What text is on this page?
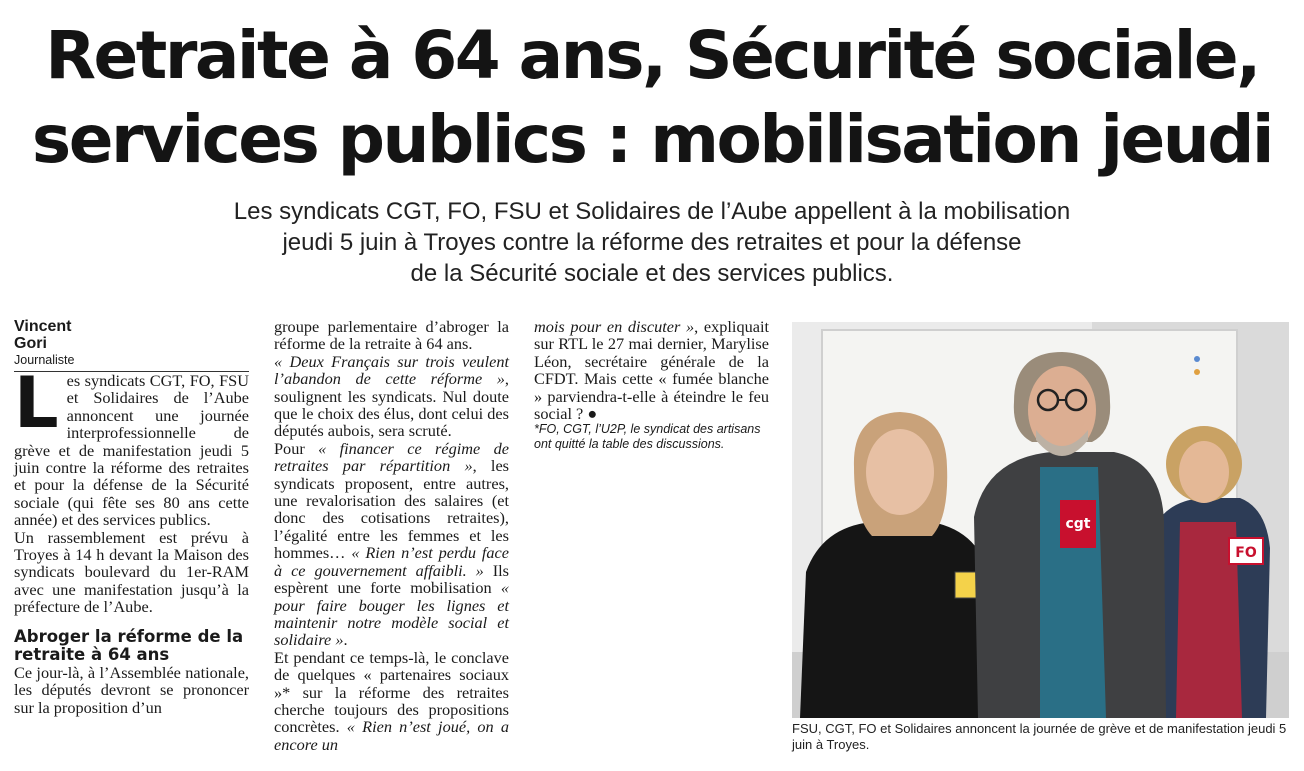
Retraite à 64 ans, Sécurité sociale,
services publics : mobilisation jeudi
Les syndicats CGT, FO, FSU et Solidaires de l’Aube appellent à la mobilisation
jeudi 5 juin à Troyes contre la réforme des retraites et pour la défense
de la Sécurité sociale et des services publics.
Vincent
Gori
Journaliste

Les syndicats CGT, FO, FSU et Solidaires de l’Aube annoncent une journée interprofessionnelle de grève et de manifestation jeudi 5 juin contre la réforme des retraites et pour la défense de la Sécurité sociale (qui fête ses 80 ans cette année) et des services publics.

Un rassemblement est prévu à Troyes à 14 h devant la Maison des syndicats boulevard du 1er-RAM avec une manifestation jusqu’à la préfecture de l’Aube.

Abroger la réforme de la retraite à 64 ans

Ce jour-là, à l’Assemblée nationale, les députés devront se prononcer sur la proposition d’un

groupe parlementaire d’abroger la réforme de la retraite à 64 ans.

« Deux Français sur trois veulent l’abandon de cette réforme », soulignent les syndicats. Nul doute que le choix des élus, dont celui des députés aubois, sera scruté.

Pour « financer ce régime de retraites par répartition », les syndicats proposent, entre autres, une revalorisation des salaires (et donc des cotisations retraites), l’égalité entre les femmes et les hommes… « Rien n’est perdu face à ce gouvernement affaibli. » Ils espèrent une forte mobilisation « pour faire bouger les lignes et maintenir notre modèle social et solidaire ».

Et pendant ce temps-là, le conclave de quelques « partenaires sociaux »* sur la réforme des retraites cherche toujours des propositions concrètes. « Rien n’est joué, on a encore un

mois pour en discuter », expliquait sur RTL le 27 mai dernier, Marylise Léon, secrétaire générale de la CFDT. Mais cette « fumée blanche » parviendra-t-elle à éteindre le feu social ? ●

*FO, CGT, l’U2P, le syndicat des artisans ont quitté la table des discussions.

FO
cgt
FSU, CGT, FO et Solidaires annoncent la journée de grève et de manifestation jeudi 5 juin à Troyes.
